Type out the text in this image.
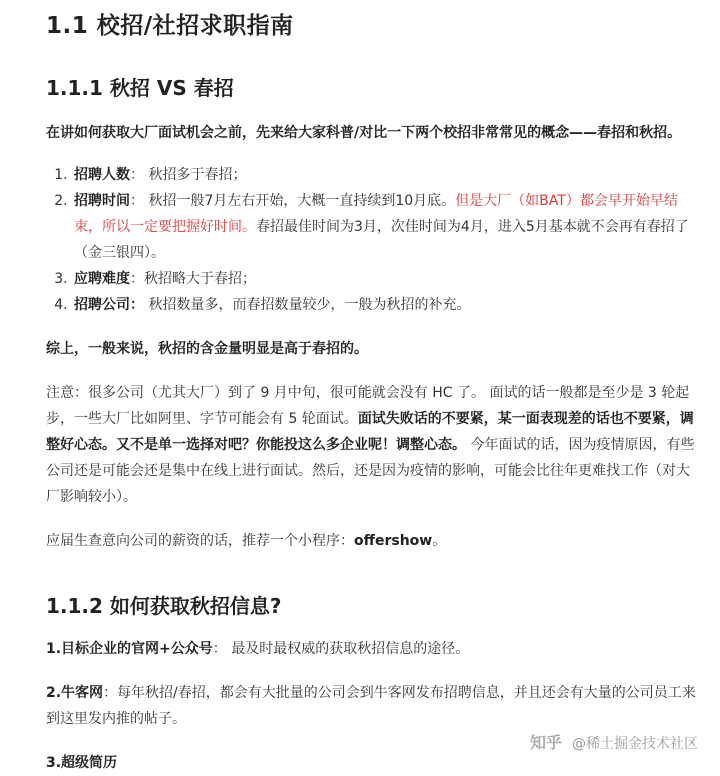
1.1 校招/社招求职指南
1.1.1 秋招 VS 春招

在讲如何获取大厂面试机会之前，先来给大家科普/对比一下两个校招非常常见的概念——春招和秋招。

1. 招聘人数： 秋招多于春招；
2. 招聘时间： 秋招一般7月左右开始，大概一直持续到10月底。但是大厂（如BAT）都会早开始早结束，所以一定要把握好时间。春招最佳时间为3月，次佳时间为4月，进入5月基本就不会再有春招了（金三银四）。
3. 应聘难度：秋招略大于春招；
4. 招聘公司： 秋招数量多，而春招数量较少，一般为秋招的补充。

综上，一般来说，秋招的含金量明显是高于春招的。

注意：很多公司（尤其大厂）到了 9 月中旬，很可能就会没有 HC 了。 面试的话一般都是至少是 3 轮起步，一些大厂比如阿里、字节可能会有 5 轮面试。面试失败话的不要紧，某一面表现差的话也不要紧，调整好心态。又不是单一选择对吧？你能投这么多企业呢！调整心态。 今年面试的话，因为疫情原因，有些公司还是可能会还是集中在线上进行面试。然后，还是因为疫情的影响，可能会比往年更难找工作（对大厂影响较小）。

应届生查意向公司的薪资的话，推荐一个小程序：offershow。

1.1.2 如何获取秋招信息?

1.目标企业的官网+公众号： 最及时最权威的获取秋招信息的途径。

2.牛客网：每年秋招/春招，都会有大批量的公司会到牛客网发布招聘信息，并且还会有大量的公司员工来到这里发内推的帖子。

3.超级简历

知乎 @稀土掘金技术社区
